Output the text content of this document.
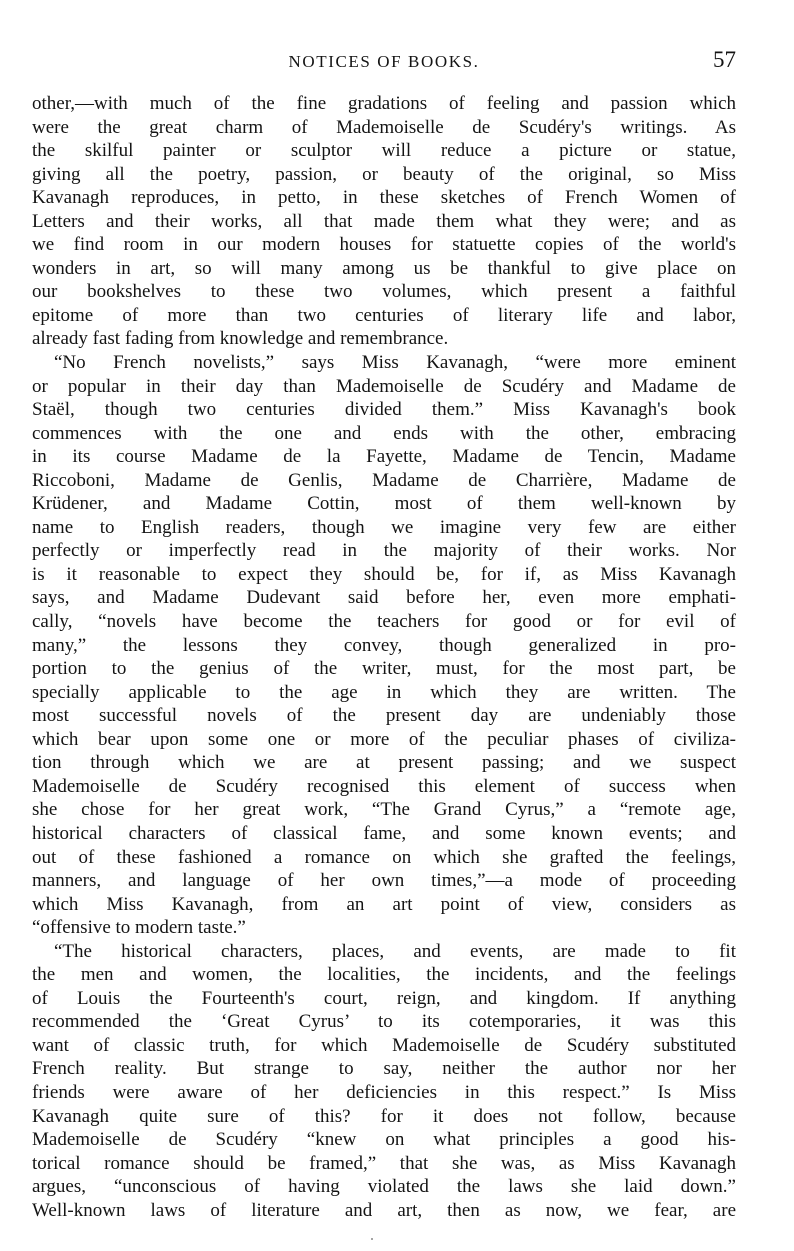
NOTICES OF BOOKS.	57
other,—with much of the fine gradations of feeling and passion which
were the great charm of Mademoiselle de Scudéry's writings. As
the skilful painter or sculptor will reduce a picture or statue,
giving all the poetry, passion, or beauty of the original, so Miss
Kavanagh reproduces, in petto, in these sketches of French Women of
Letters and their works, all that made them what they were; and as
we find room in our modern houses for statuette copies of the world's
wonders in art, so will many among us be thankful to give place on
our bookshelves to these two volumes, which present a faithful
epitome of more than two centuries of literary life and labor,
already fast fading from knowledge and remembrance.
“No French novelists,” says Miss Kavanagh, “were more eminent
or popular in their day than Mademoiselle de Scudéry and Madame de
Staël, though two centuries divided them.” Miss Kavanagh's book
commences with the one and ends with the other, embracing
in its course Madame de la Fayette, Madame de Tencin, Madame
Riccoboni, Madame de Genlis, Madame de Charrière, Madame de
Krüdener, and Madame Cottin, most of them well-known by
name to English readers, though we imagine very few are either
perfectly or imperfectly read in the majority of their works. Nor
is it reasonable to expect they should be, for if, as Miss Kavanagh
says, and Madame Dudevant said before her, even more emphati-
cally, “novels have become the teachers for good or for evil of
many,” the lessons they convey, though generalized in pro-
portion to the genius of the writer, must, for the most part, be
specially applicable to the age in which they are written. The
most successful novels of the present day are undeniably those
which bear upon some one or more of the peculiar phases of civiliza-
tion through which we are at present passing; and we suspect
Mademoiselle de Scudéry recognised this element of success when
she chose for her great work, “The Grand Cyrus,” a “remote age,
historical characters of classical fame, and some known events; and
out of these fashioned a romance on which she grafted the feelings,
manners, and language of her own times,”—a mode of proceeding
which Miss Kavanagh, from an art point of view, considers as
“offensive to modern taste.”
“The historical characters, places, and events, are made to fit
the men and women, the localities, the incidents, and the feelings
of Louis the Fourteenth's court, reign, and kingdom. If anything
recommended the ‘Great Cyrus’ to its cotemporaries, it was this
want of classic truth, for which Mademoiselle de Scudéry substituted
French reality. But strange to say, neither the author nor her
friends were aware of her deficiencies in this respect.” Is Miss
Kavanagh quite sure of this? for it does not follow, because
Mademoiselle de Scudéry “knew on what principles a good his-
torical romance should be framed,” that she was, as Miss Kavanagh
argues, “unconscious of having violated the laws she laid down.”
Well-known laws of literature and art, then as now, we fear, are
